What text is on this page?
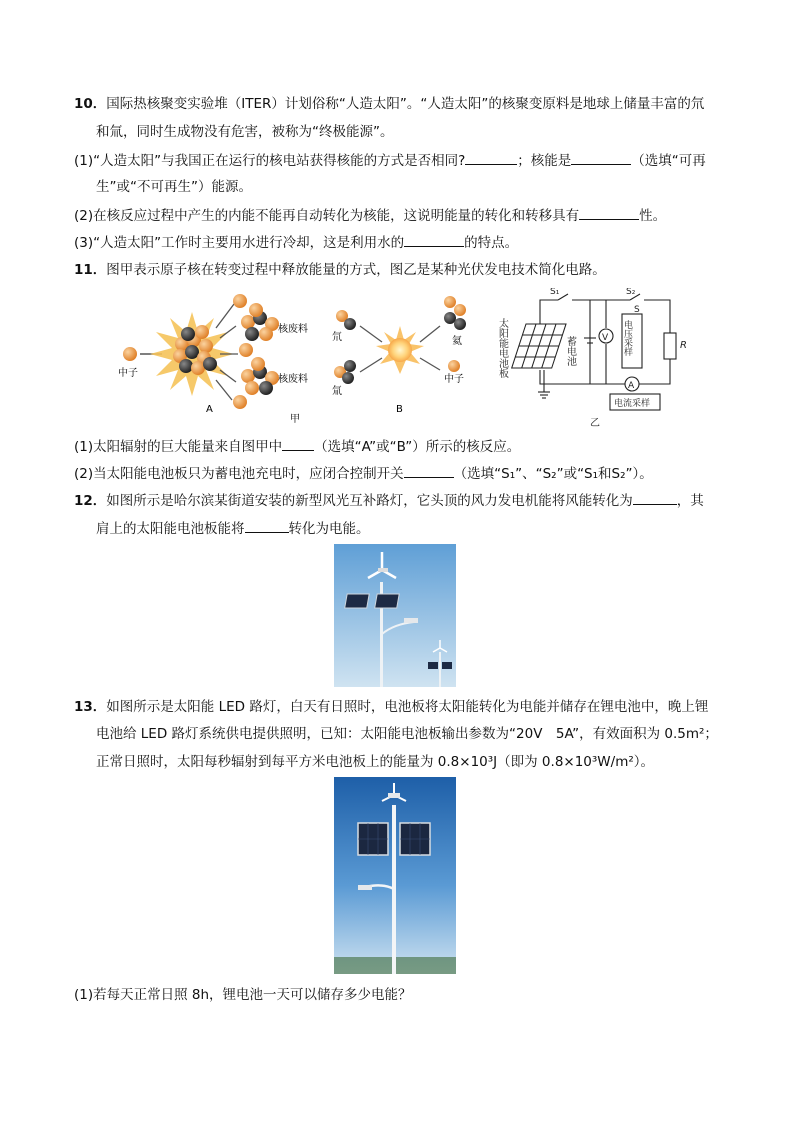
10．国际热核聚变实验堆（ITER）计划俗称“人造太阳”。“人造太阳”的核聚变原料是地球上储量丰富的氘
和氚，同时生成物没有危害，被称为“终极能源”。
(1)“人造太阳”与我国正在运行的核电站获得核能的方式是否相同?	；核能是	（选填“可再
生”或“不可再生”）能源。
(2)在核反应过程中产生的内能不能再自动转化为核能，这说明能量的转化和转移具有	性。
(3)“人造太阳”工作时主要用水进行冷却，这是利用水的	的特点。
11．图甲表示原子核在转变过程中释放能量的方式，图乙是某种光伏发电技术简化电路。
中子
核废料
核废料
A
甲
氘
氚
氦
中子
B
太阳能电池板
S₁
蓄电池
S₂
S
V 电压采样	R
A
电流采样
乙
(1)太阳辐射的巨大能量来自图甲中 （选填“A”或“B”）所示的核反应。
(2)当太阳能电池板只为蓄电池充电时，应闭合控制开关	（选填“S₁”、“S₂”或“S₁和S₂”）。
12．如图所示是哈尔滨某街道安装的新型风光互补路灯，它头顶的风力发电机能将风能转化为	，其
肩上的太阳能电池板能将	转化为电能。
13．如图所示是太阳能 LED 路灯，白天有日照时，电池板将太阳能转化为电能并储存在锂电池中，晚上锂
电池给 LED 路灯系统供电提供照明，已知：太阳能电池板输出参数为“20V　5A”，有效面积为 0.5m²；
正常日照时，太阳每秒辐射到每平方米电池板上的能量为 0.8×10³J（即为 0.8×10³W/m²）。
(1)若每天正常日照 8h，锂电池一天可以储存多少电能？
